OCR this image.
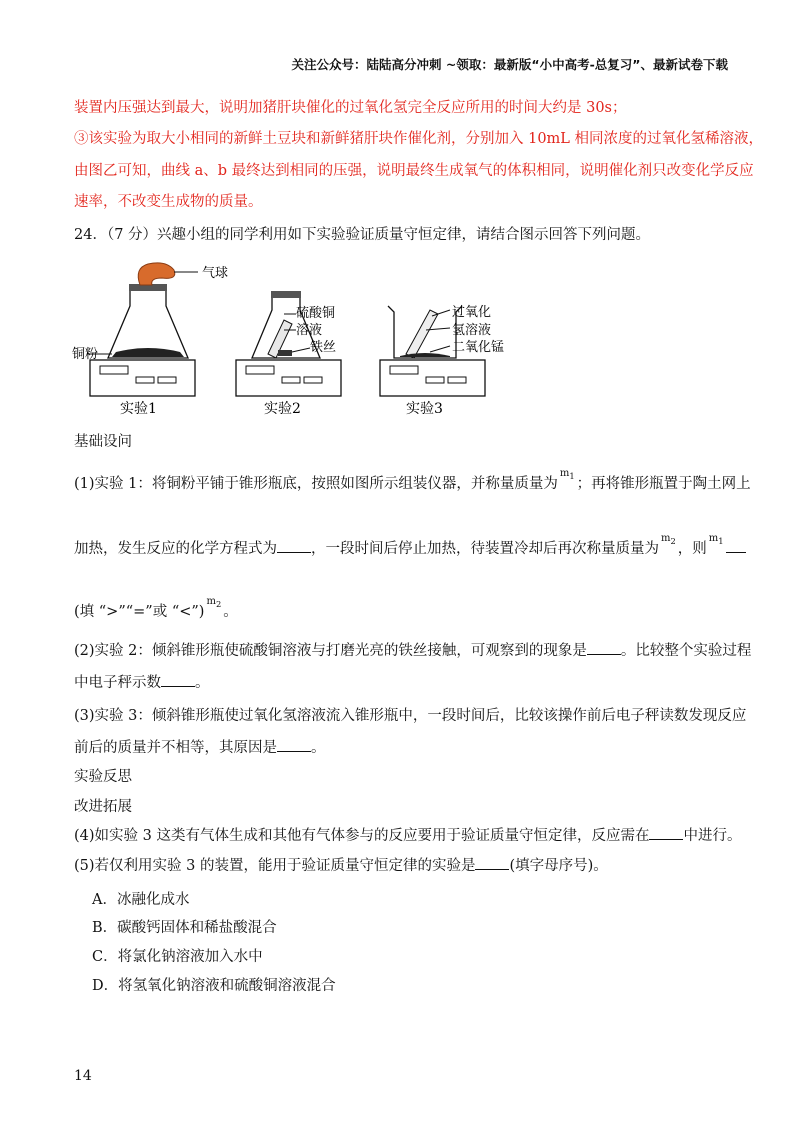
关注公众号：陆陆高分冲刺 ~领取：最新版“小中高考-总复习”、最新试卷下载
装置内压强达到最大，说明加猪肝块催化的过氧化氢完全反应所用的时间大约是 30s；
③该实验为取大小相同的新鲜土豆块和新鲜猪肝块作催化剂，分别加入 10mL 相同浓度的过氧化氢稀溶液，
由图乙可知，曲线 a、b 最终达到相同的压强，说明最终生成氧气的体积相同，说明催化剂只改变化学反应
速率，不改变生成物的质量。
24．（7 分）兴趣小组的同学利用如下实验验证质量守恒定律，请结合图示回答下列问题。
气球
铜粉
实验1
硫酸铜
溶液
铁丝
实验2
过氧化
氢溶液
二氧化锰
实验3
基础设问
(1)实验 1：将铜粉平铺于锥形瓶底，按照如图所示组装仪器，并称量质量为$^{m_1}$ ；再将锥形瓶置于陶土网上
加热，发生反应的化学方程式为 ，一段时间后停止加热，待装置冷却后再次称量质量为$^{m_2}$ ，则$^{m_1}$
(填 “>”“=”或 “<”)$^{m_2}$ 。
(2)实验 2：倾斜锥形瓶使硫酸铜溶液与打磨光亮的铁丝接触，可观察到的现象是 。比较整个实验过程
中电子秤示数 。
(3)实验 3：倾斜锥形瓶使过氧化氢溶液流入锥形瓶中，一段时间后，比较该操作前后电子秤读数发现反应
前后的质量并不相等，其原因是 。
实验反思
改进拓展
(4)如实验 3 这类有气体生成和其他有气体参与的反应要用于验证质量守恒定律，反应需在 中进行。
(5)若仅利用实验 3 的装置，能用于验证质量守恒定律的实验是 (填字母序号)。
A．冰融化成水
B．碳酸钙固体和稀盐酸混合
C．将氯化钠溶液加入水中
D．将氢氧化钠溶液和硫酸铜溶液混合
14
